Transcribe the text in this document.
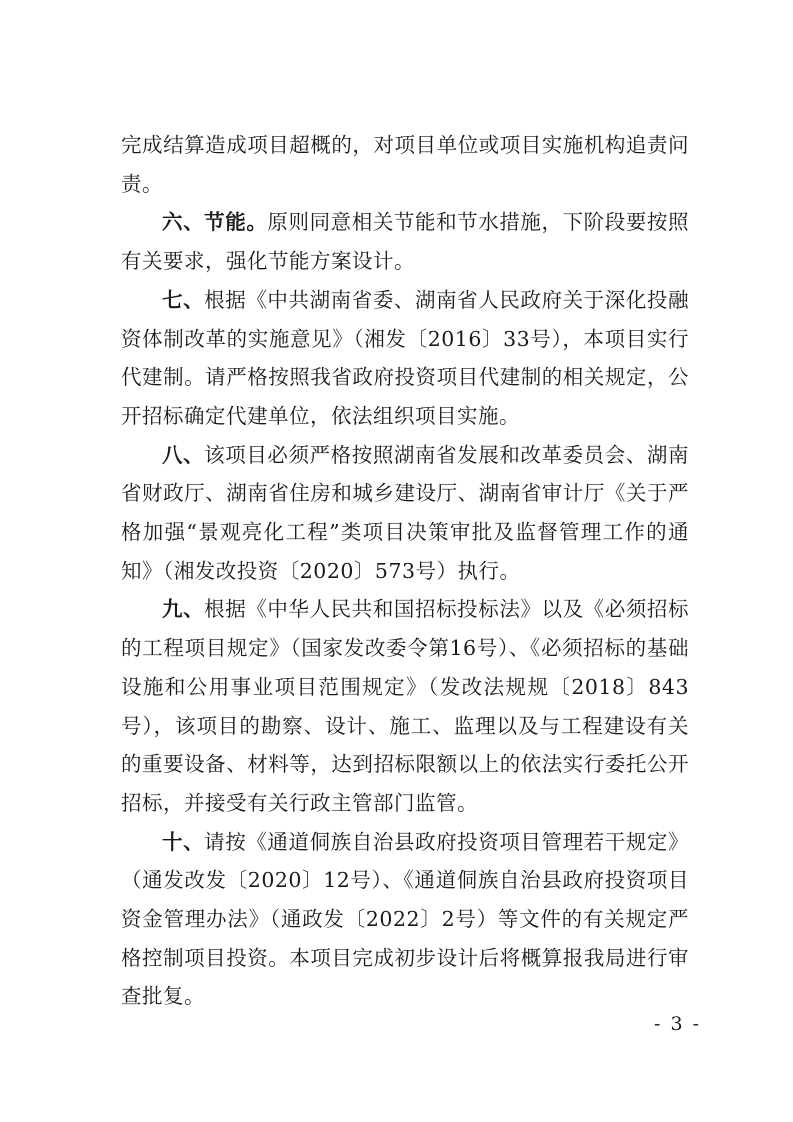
完成结算造成项目超概的，对项目单位或项目实施机构追责问责。

六、节能。原则同意相关节能和节水措施，下阶段要按照有关要求，强化节能方案设计。

七、根据《中共湖南省委、湖南省人民政府关于深化投融资体制改革的实施意见》（湘发〔2016〕33号），本项目实行代建制。请严格按照我省政府投资项目代建制的相关规定，公开招标确定代建单位，依法组织项目实施。

八、该项目必须严格按照湖南省发展和改革委员会、湖南省财政厅、湖南省住房和城乡建设厅、湖南省审计厅《关于严格加强“景观亮化工程”类项目决策审批及监督管理工作的通知》（湘发改投资〔2020〕573号）执行。

九、根据《中华人民共和国招标投标法》以及《必须招标的工程项目规定》（国家发改委令第16号）、《必须招标的基础设施和公用事业项目范围规定》（发改法规规〔2018〕843号），该项目的勘察、设计、施工、监理以及与工程建设有关的重要设备、材料等，达到招标限额以上的依法实行委托公开招标，并接受有关行政主管部门监管。

十、请按《通道侗族自治县政府投资项目管理若干规定》（通发改发〔2020〕12号）、《通道侗族自治县政府投资项目资金管理办法》（通政发〔2022〕2号）等文件的有关规定严格控制项目投资。本项目完成初步设计后将概算报我局进行审查批复。

- 3 -
